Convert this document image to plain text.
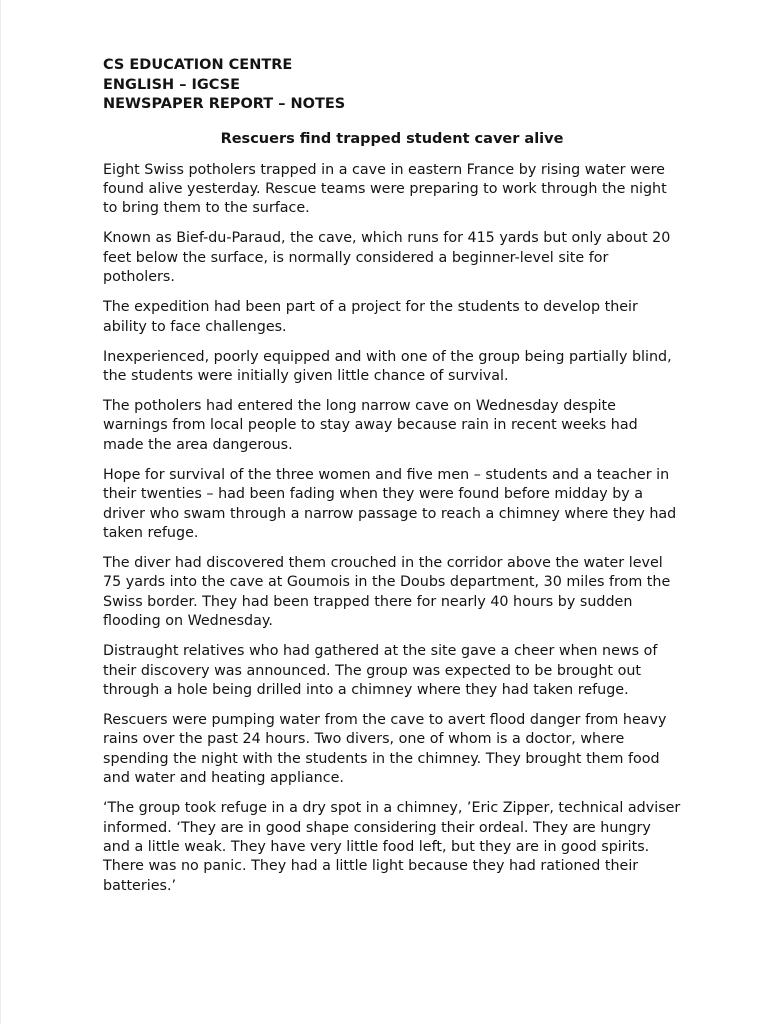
CS EDUCATION CENTRE

ENGLISH – IGCSE

NEWSPAPER REPORT – NOTES

Rescuers find trapped student caver alive

Eight Swiss potholers trapped in a cave in eastern France by rising water were found alive yesterday. Rescue teams were preparing to work through the night to bring them to the surface.

Known as Bief-du-Paraud, the cave, which runs for 415 yards but only about 20 feet below the surface, is normally considered a beginner-level site for potholers.

The expedition had been part of a project for the students to develop their ability to face challenges.

Inexperienced, poorly equipped and with one of the group being partially blind, the students were initially given little chance of survival.

The potholers had entered the long narrow cave on Wednesday despite warnings from local people to stay away because rain in recent weeks had made the area dangerous.

Hope for survival of the three women and five men – students and a teacher in their twenties – had been fading when they were found before midday by a driver who swam through a narrow passage to reach a chimney where they had taken refuge.

The diver had discovered them crouched in the corridor above the water level 75 yards into the cave at Goumois in the Doubs department, 30 miles from the Swiss border. They had been trapped there for nearly 40 hours by sudden flooding on Wednesday.

Distraught relatives who had gathered at the site gave a cheer when news of their discovery was announced. The group was expected to be brought out through a hole being drilled into a chimney where they had taken refuge.

Rescuers were pumping water from the cave to avert flood danger from heavy rains over the past 24 hours. Two divers, one of whom is a doctor, where spending the night with the students in the chimney. They brought them food and water and heating appliance.

‘The group took refuge in a dry spot in a chimney, ’Eric Zipper, technical adviser informed. ‘They are in good shape considering their ordeal. They are hungry and a little weak. They have very little food left, but they are in good spirits. There was no panic. They had a little light because they had rationed their batteries.’
